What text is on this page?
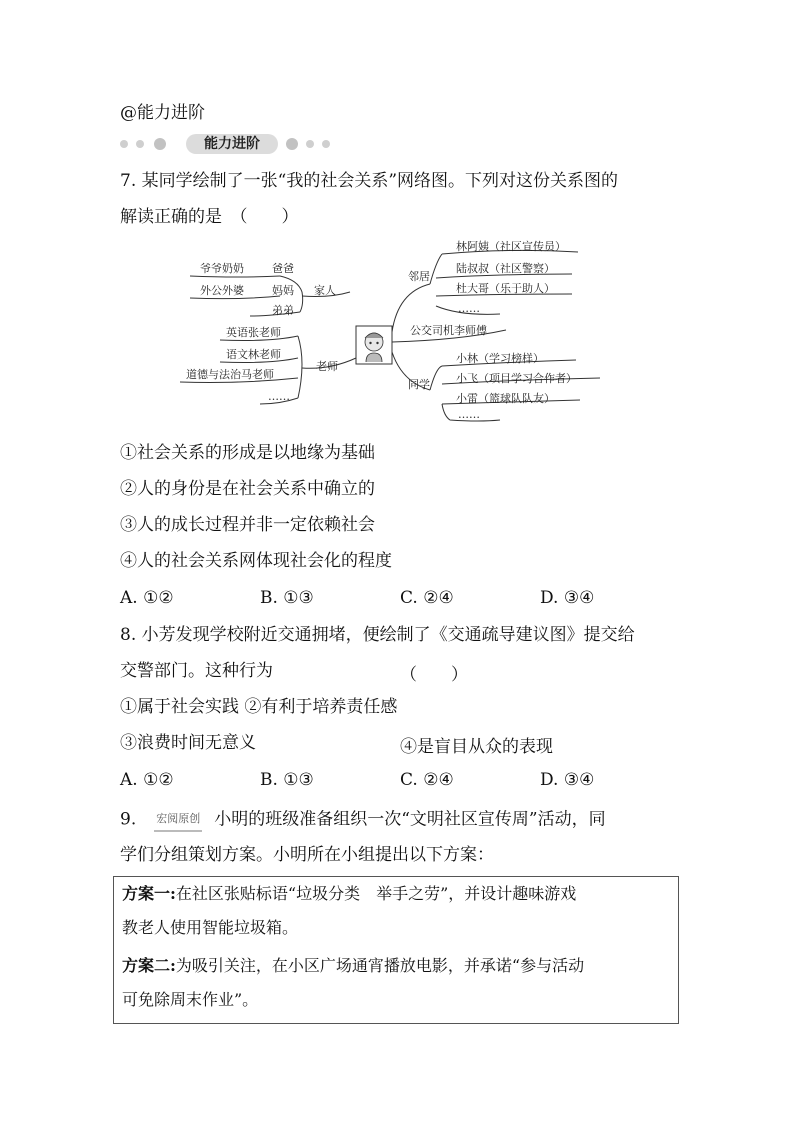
@能力进阶
能力进阶
7. 某同学绘制了一张“我的社会关系”网络图。下列对这份关系图的
解读正确的是　（　　）
爷爷奶奶	爸爸
外公外婆	妈妈
弟弟
家人
英语张老师
语文林老师
道德与法治马老师
……
老师
邻居
林阿姨（社区宣传员）
陆叔叔（社区警察）
杜大哥（乐于助人）
……
公交司机李师傅
同学
小林（学习榜样）
小飞（项目学习合作者）
小雷（篮球队队友）
……
①社会关系的形成是以地缘为基础
②人的身份是在社会关系中确立的
③人的成长过程并非一定依赖社会
④人的社会关系网体现社会化的程度
A. ①②	B. ①③	C. ②④	D. ③④
8. 小芳发现学校附近交通拥堵，便绘制了《交通疏导建议图》提交给
交警部门。这种行为	（　　）
①属于社会实践 ②有利于培养责任感
③浪费时间无意义	④是盲目从众的表现
A. ①②	B. ①③	C. ②④	D. ③④
9. 宏阅原创 小明的班级准备组织一次“文明社区宣传周”活动，同
学们分组策划方案。小明所在小组提出以下方案：

方案一:在社区张贴标语“垃圾分类　举手之劳”，并设计趣味游戏

教老人使用智能垃圾箱。

方案二:为吸引关注，在小区广场通宵播放电影，并承诺“参与活动

可免除周末作业”。
